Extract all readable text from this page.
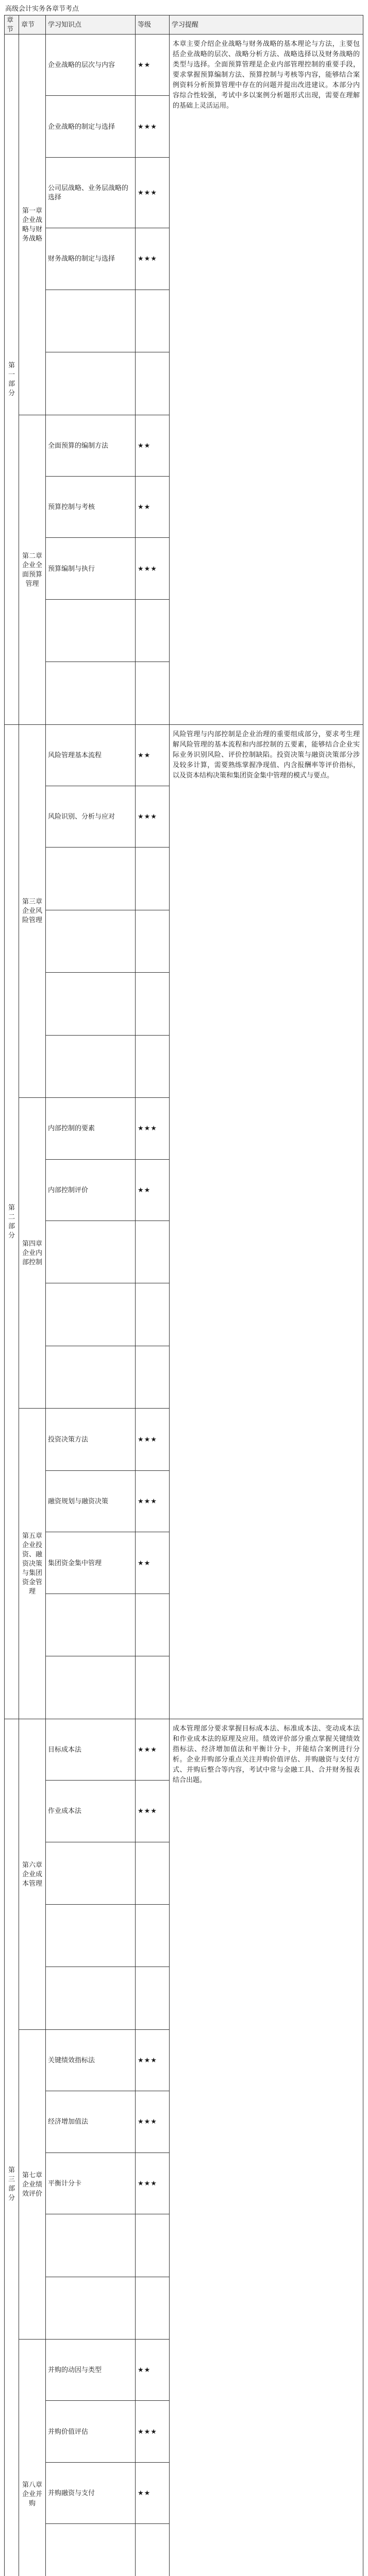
高级会计实务各章节考点
章节	章节	学习知识点	等级	学习提醒
第一部分	第一章 企业战略与财务战略	企业战略的层次与内容	★★	本章主要介绍企业战略与财务战略的基本理论与方法，主要包括企业战略的层次、战略分析方法、战略选择以及财务战略的类型与选择。全面预算管理是企业内部管理控制的重要手段，要求掌握预算编制方法、预算控制与考核等内容，能够结合案例资料分析预算管理中存在的问题并提出改进建议。本部分内容综合性较强，考试中多以案例分析题形式出现，需要在理解的基础上灵活运用。

		企业战略的制定与选择	★★★	
		公司层战略、业务层战略的选择	★★★	
		财务战略的制定与选择	★★★	

	第二章 企业全面预算管理	全面预算的编制方法	★★	
		预算控制与考核	★★	
		预算编制与执行	★★★	

第二部分	第三章 企业风险管理	风险管理基本流程	★★	风险管理与内部控制是企业治理的重要组成部分，要求考生理解风险管理的基本流程和内部控制的五要素，能够结合企业实际业务识别风险、评价控制缺陷。投资决策与融资决策部分涉及较多计算，需要熟练掌握净现值、内含报酬率等评价指标，以及资本结构决策和集团资金集中管理的模式与要点。

		风险识别、分析与应对	★★★	

	第四章 企业内部控制	内部控制的要素	★★★	
		内部控制评价	★★	

	第五章 企业投资、融资决策与集团资金管理	投资决策方法	★★★	
		融资规划与融资决策	★★★	
		集团资金集中管理	★★	

第三部分	第六章 企业成本管理	目标成本法	★★★	成本管理部分要求掌握目标成本法、标准成本法、变动成本法和作业成本法的原理及应用。绩效评价部分重点掌握关键绩效指标法、经济增加值法和平衡计分卡，并能结合案例进行分析。企业并购部分重点关注并购价值评估、并购融资与支付方式、并购后整合等内容，考试中常与金融工具、合并财务报表结合出题。

		作业成本法	★★★	

	第七章 企业绩效评价	关键绩效指标法	★★★	
		经济增加值法	★★★	
		平衡计分卡	★★★	

	第八章 企业并购	并购的动因与类型	★★	
		并购价值评估	★★★	
		并购融资与支付	★★	
